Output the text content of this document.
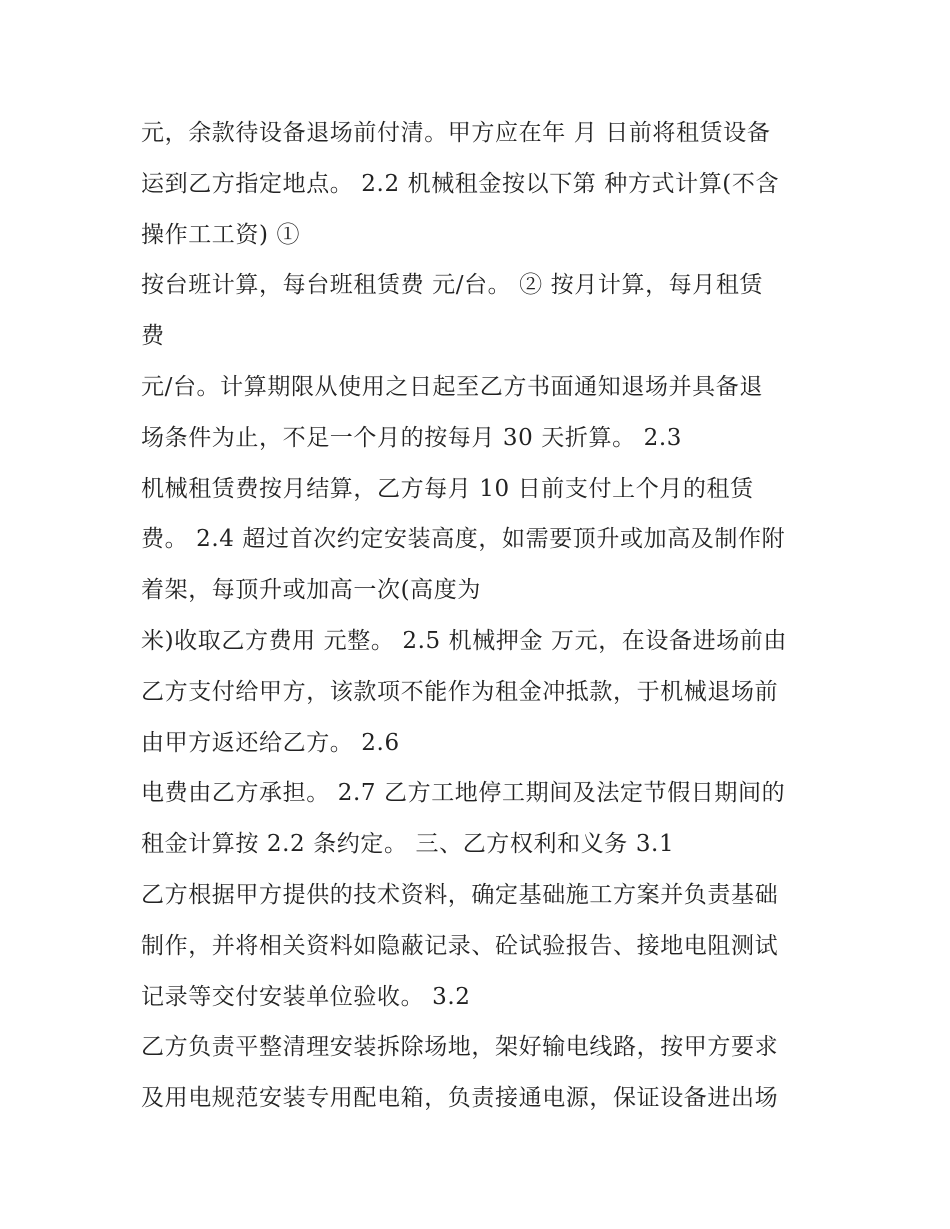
元，余款待设备退场前付清。甲方应在年 月 日前将租赁设备
运到乙方指定地点。 2.2 机械租金按以下第 种方式计算(不含
操作工工资) ①
按台班计算，每台班租赁费 元/台。 ② 按月计算，每月租赁
费
元/台。计算期限从使用之日起至乙方书面通知退场并具备退
场条件为止，不足一个月的按每月 30 天折算。 2.3
机械租赁费按月结算，乙方每月 10 日前支付上个月的租赁
费。 2.4 超过首次约定安装高度，如需要顶升或加高及制作附
着架，每顶升或加高一次(高度为
米)收取乙方费用 元整。 2.5 机械押金 万元，在设备进场前由
乙方支付给甲方，该款项不能作为租金冲抵款，于机械退场前
由甲方返还给乙方。 2.6
电费由乙方承担。 2.7 乙方工地停工期间及法定节假日期间的
租金计算按 2.2 条约定。 三、乙方权利和义务 3.1
乙方根据甲方提供的技术资料，确定基础施工方案并负责基础
制作，并将相关资料如隐蔽记录、砼试验报告、接地电阻测试
记录等交付安装单位验收。 3.2
乙方负责平整清理安装拆除场地，架好输电线路，按甲方要求
及用电规范安装专用配电箱，负责接通电源，保证设备进出场
